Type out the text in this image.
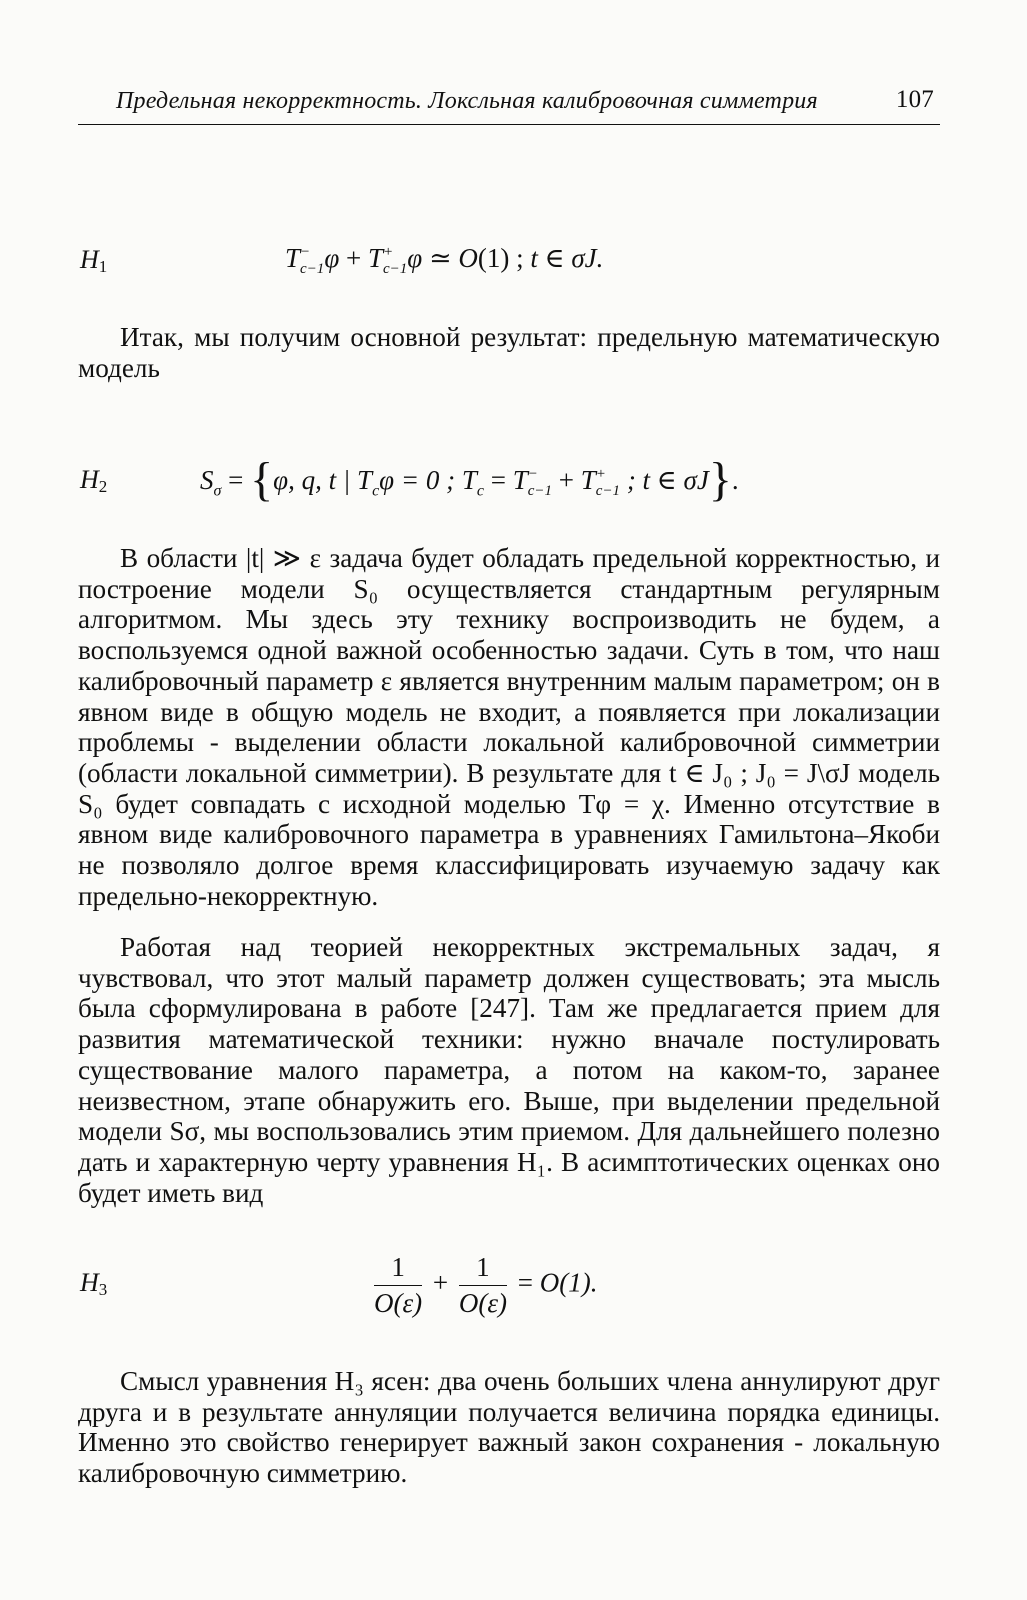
Предельная некорректность. Локсльная калибровочная симметрия	107
$H_1$	T −
c−1 φ + T +
c−1 φ ≃ O(1) ; t ∈ σJ.

Итак, мы получим основной результат: предельную математическую модель

$H_2$	$S_\sigma = \{\varphi$, q, t | $T_c\varphi = 0$ ; $T_c = T$ −
c−1 + T +
c−1 ; t ∈ σJ}.

В области |t| ≫ ε задача будет обладать предельной корректностью, и построение модели S₀ осуществляется стандартным регулярным алгоритмом. Мы здесь эту технику воспроизводить не будем, а воспользуемся одной важной особенностью задачи. Суть в том, что наш калибровочный параметр ε является внутренним малым параметром; он в явном виде в общую модель не входит, а появляется при локализации проблемы - выделении области локальной калибровочной симметрии (области локальной симметрии). В результате для t ∈ J₀ ; J₀ = J\σJ модель S₀ будет совпадать с исходной моделью Tφ = χ. Именно отсутствие в явном виде калибровочного параметра в уравнениях Гамильтона–Якоби не позволяло долгое время классифицировать изучаемую задачу как предельно-некорректную.

Работая над теорией некорректных экстремальных задач, я чувствовал, что этот малый параметр должен существовать; эта мысль была сформулирована в работе [247]. Там же предлагается прием для развития математической техники: нужно вначале постулировать существование малого параметра, а потом на каком-то, заранее неизвестном, этапе обнаружить его. Выше, при выделении предельной модели Sσ, мы воспользовались этим приемом. Для дальнейшего полезно дать и характерную черту уравнения H₁. В асимптотических оценках оно будет иметь вид

$H_3$	$\frac{1}{O(\varepsilon)} + \frac{1}{O(\varepsilon)} = O(1)$.

Смысл уравнения H₃ ясен: два очень больших члена аннулируют друг друга и в результате аннуляции получается величина порядка единицы. Именно это свойство генерирует важный закон сохранения - локальную калибровочную симметрию.
